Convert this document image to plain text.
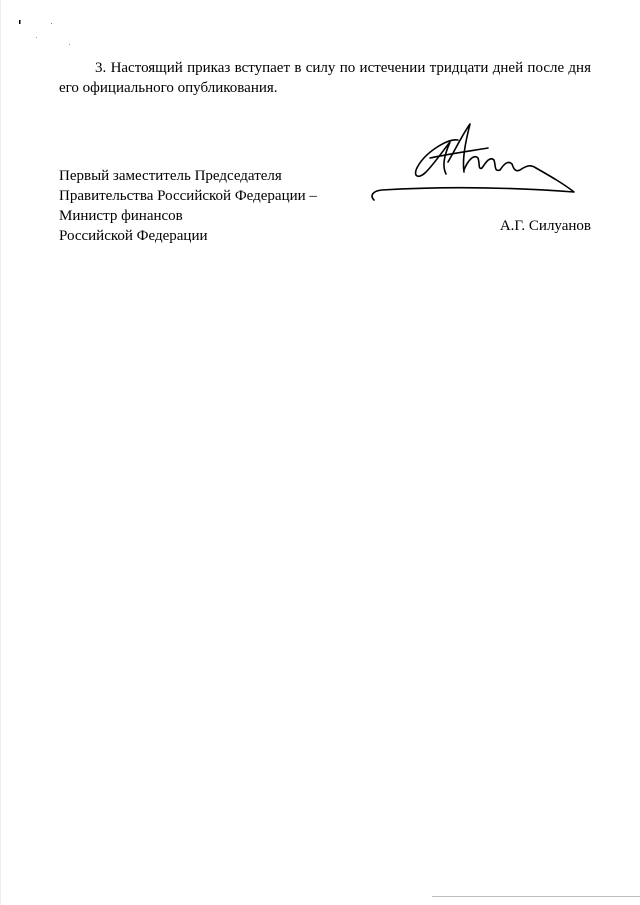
3. Настоящий приказ вступает в силу по истечении тридцати дней после дня его официального опубликования.

Первый заместитель Председателя
Правительства Российской Федерации –
Министр финансов
Российской Федерации
А.Г. Силуанов
